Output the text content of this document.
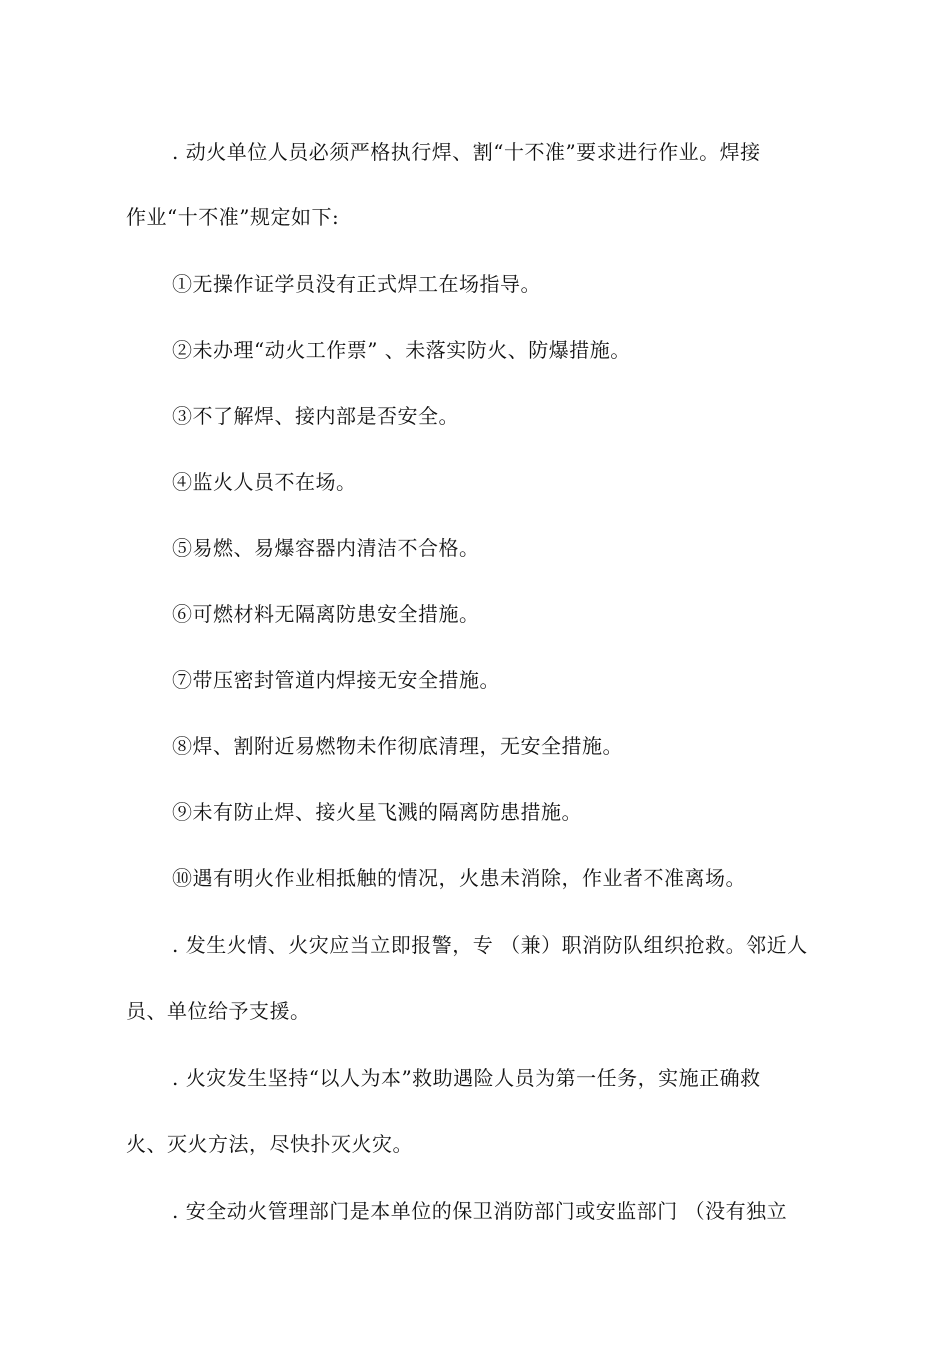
. 动火单位人员必须严格执行焊、割“十不准”要求进行作业。焊接
作业“十不准”规定如下:
①无操作证学员没有正式焊工在场指导。
②未办理“动火工作票” 、未落实防火、防爆措施。
③不了解焊、接内部是否安全。
④监火人员不在场。
⑤易燃、易爆容器内清洁不合格。
⑥可燃材料无隔离防患安全措施。
⑦带压密封管道内焊接无安全措施。
⑧焊、割附近易燃物未作彻底清理，无安全措施。
⑨未有防止焊、接火星飞溅的隔离防患措施。
⑩遇有明火作业相抵触的情况，火患未消除，作业者不准离场。
. 发生火情、火灾应当立即报警，专 （兼）职消防队组织抢救。邻近人
员、单位给予支援。
. 火灾发生坚持“以人为本”救助遇险人员为第一任务，实施正确救
火、灭火方法，尽快扑灭火灾。
. 安全动火管理部门是本单位的保卫消防部门或安监部门 （没有独立
